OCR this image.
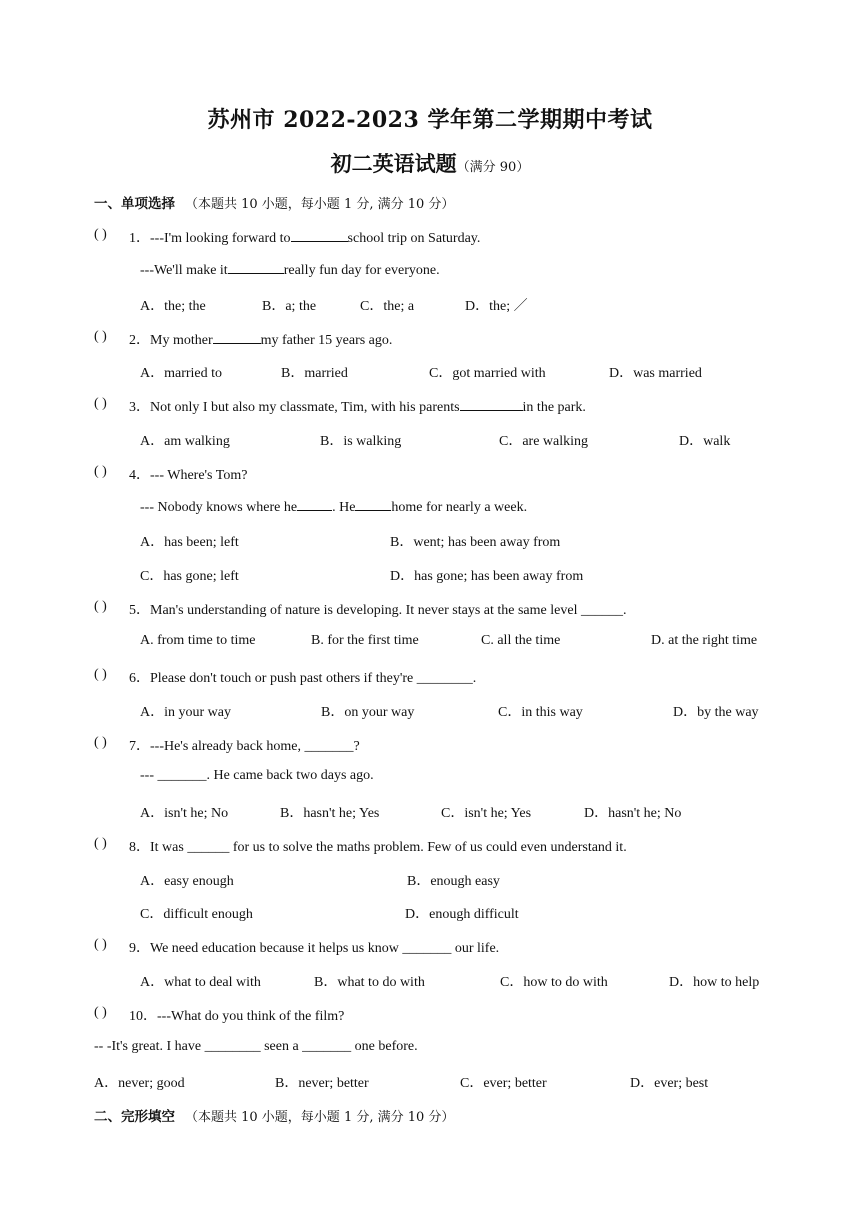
苏州市 2022-2023 学年第二学期期中考试
初二英语试题（满分 90）
一、单项选择 （本题共 10 小题，每小题 1 分, 满分 10 分）
( ) 1．---I'm looking forward to	school trip on Saturday.
---We'll make it	really fun day for everyone.
A．the; the	B．a; the	C．the; a	D．the; ／
( ) 2．My mother	my father 15 years ago.
A．married to	B．married	C．got married with	D．was married
( ) 3．Not only I but also my classmate, Tim, with his parents	in the park.
A．am walking	B．is walking	C．are walking	D．walk
( ) 4．--- Where's Tom?
--- Nobody knows where he	. He	home for nearly a week.
A．has been; left	B．went; has been away from
C．has gone; left	D．has gone; has been away from
( ) 5．Man's understanding of nature is developing. It never stays at the same level ______.
A. from time to time	B. for the first time	C. all the time	D. at the right time
( ) 6．Please don't touch or push past others if they're ________.
A．in your way	B．on your way	C．in this way	D．by the way
( ) 7．---He's already back home, _______?
--- _______. He came back two days ago.
A．isn't he; No	B．hasn't he; Yes	C．isn't he; Yes	D．hasn't he; No
( ) 8．It was ______ for us to solve the maths problem. Few of us could even understand it.
A．easy enough	B．enough easy
C．difficult enough	D．enough difficult
( ) 9．We need education because it helps us know _______ our life.
A．what to deal with	B．what to do with	C．how to do with	D．how to help
( ) 10．---What do you think of the film?
-- -It's great. I have ________ seen a _______ one before.
A．never; good	B．never; better	C．ever; better	D．ever; best
二、完形填空 （本题共 10 小题，每小题 1 分, 满分 10 分）
